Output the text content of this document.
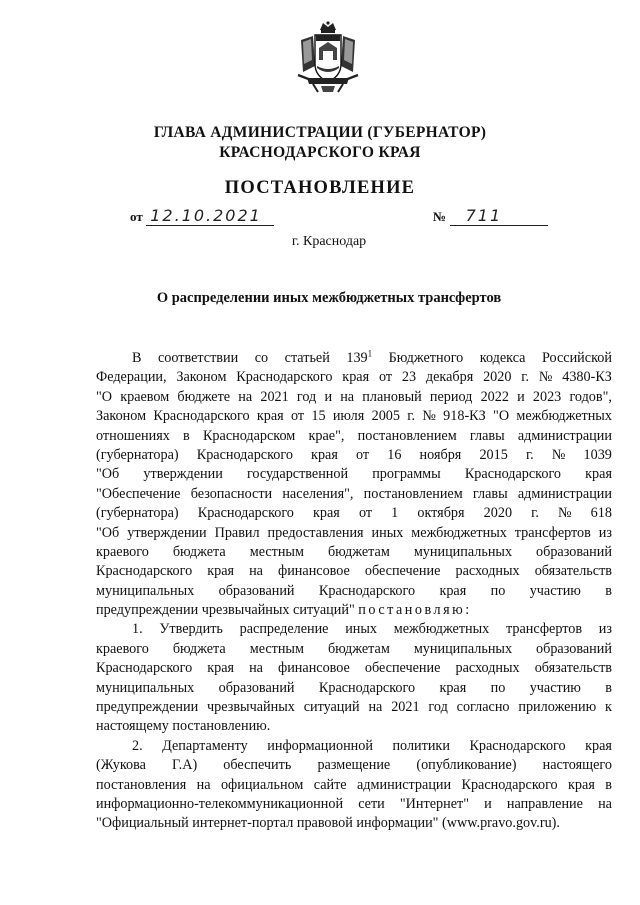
ГЛАВА АДМИНИСТРАЦИИ (ГУБЕРНАТОР)
КРАСНОДАРСКОГО КРАЯ
ПОСТАНОВЛЕНИЕ
от 12.10.2021	№ 711
г. Краснодар
О распределении иных межбюджетных трансфертов
В соответствии со статьей $139^1$ Бюджетного кодекса Российской
Федерации, Законом Краснодарского края от 23 декабря 2020 г. № 4380-КЗ
"О краевом бюджете на 2021 год и на плановый период 2022 и 2023 годов",
Законом Краснодарского края от 15 июля 2005 г. № 918-КЗ "О межбюджетных
отношениях в Краснодарском крае", постановлением главы администрации
(губернатора) Краснодарского края от 16 ноября 2015 г. № 1039
"Об утверждении государственной программы Краснодарского края
"Обеспечение безопасности населения", постановлением главы администрации
(губернатора) Краснодарского края от 1 октября 2020 г. № 618
"Об утверждении Правил предоставления иных межбюджетных трансфертов из
краевого бюджета местным бюджетам муниципальных образований
Краснодарского края на финансовое обеспечение расходных обязательств
муниципальных образований Краснодарского края по участию в
предупреждении чрезвычайных ситуаций"
постановляю:
1. Утвердить распределение иных межбюджетных трансфертов из
краевого бюджета местным бюджетам муниципальных образований
Краснодарского края на финансовое обеспечение расходных обязательств
муниципальных образований Краснодарского края по участию в
предупреждении чрезвычайных ситуаций на 2021 год согласно приложению к
настоящему постановлению.
2. Департаменту информационной политики Краснодарского края
(Жукова Г.А) обеспечить размещение (опубликование) настоящего
постановления на официальном сайте администрации Краснодарского края в
информационно-телекоммуникационной сети "Интернет" и направление на
"Официальный интернет-портал правовой информации" (www.pravo.gov.ru).
